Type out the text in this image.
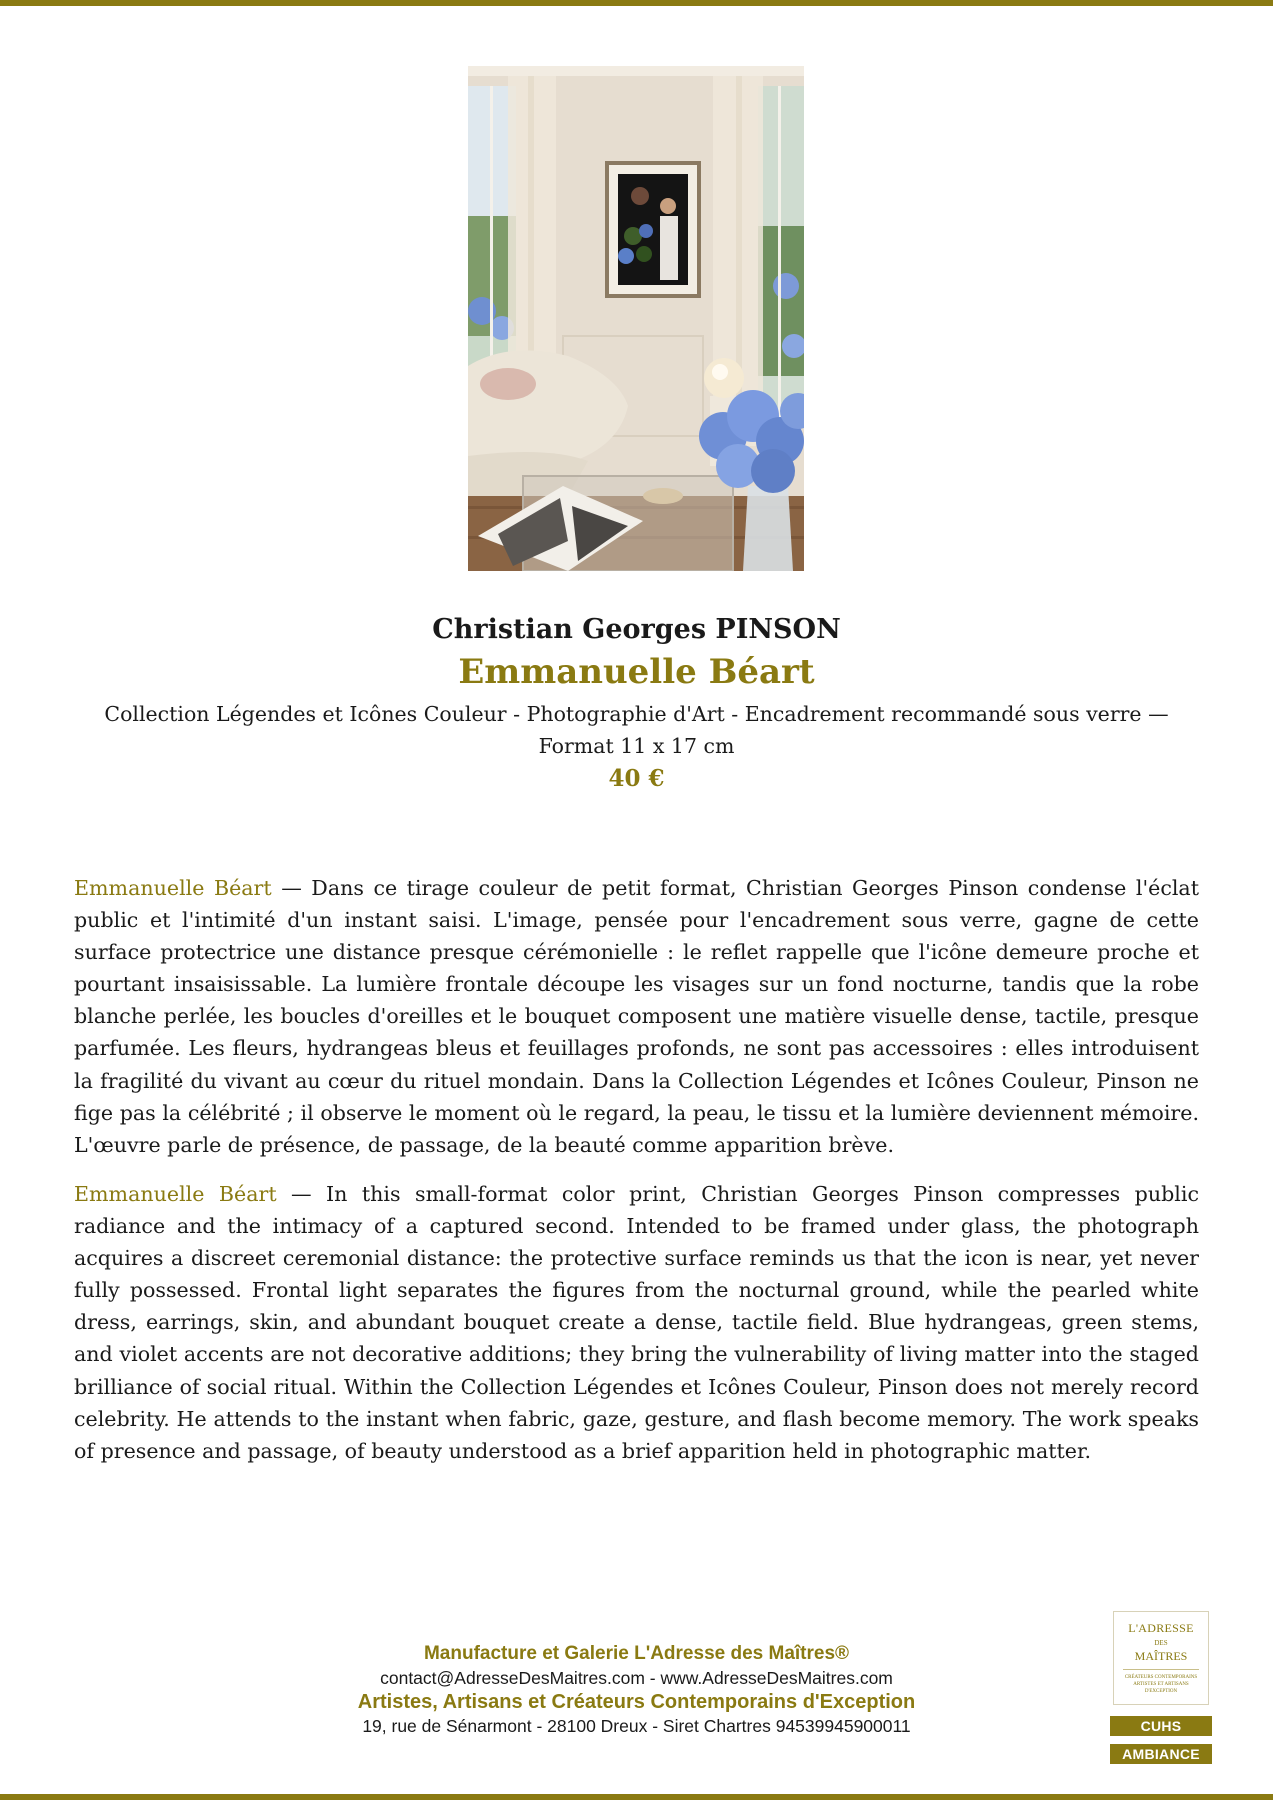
Christian Georges PINSON
Emmanuelle Béart
Collection Légendes et Icônes Couleur - Photographie d'Art - Encadrement recommandé sous verre — Format 11 x 17 cm
40 €

Emmanuelle Béart — Dans ce tirage couleur de petit format, Christian Georges Pinson condense l'éclat public et l'intimité d'un instant saisi. L'image, pensée pour l'encadrement sous verre, gagne de cette surface protectrice une distance presque cérémonielle : le reflet rappelle que l'icône demeure proche et pourtant insaisissable. La lumière frontale découpe les visages sur un fond nocturne, tandis que la robe blanche perlée, les boucles d'oreilles et le bouquet composent une matière visuelle dense, tactile, presque parfumée. Les fleurs, hydrangeas bleus et feuillages profonds, ne sont pas accessoires : elles introduisent la fragilité du vivant au cœur du rituel mondain. Dans la Collection Légendes et Icônes Couleur, Pinson ne fige pas la célébrité ; il observe le moment où le regard, la peau, le tissu et la lumière deviennent mémoire. L'œuvre parle de présence, de passage, de la beauté comme apparition brève.

Emmanuelle Béart — In this small-format color print, Christian Georges Pinson compresses public radiance and the intimacy of a captured second. Intended to be framed under glass, the photograph acquires a discreet ceremonial distance: the protective surface reminds us that the icon is near, yet never fully possessed. Frontal light separates the figures from the nocturnal ground, while the pearled white dress, earrings, skin, and abundant bouquet create a dense, tactile field. Blue hydrangeas, green stems, and violet accents are not decorative additions; they bring the vulnerability of living matter into the staged brilliance of social ritual. Within the Collection Légendes et Icônes Couleur, Pinson does not merely record celebrity. He attends to the instant when fabric, gaze, gesture, and flash become memory. The work speaks of presence and passage, of beauty understood as a brief apparition held in photographic matter.

Manufacture et Galerie L'Adresse des Maîtres®
contact@AdresseDesMaitres.com - www.AdresseDesMaitres.com
Artistes, Artisans et Créateurs Contemporains d'Exception
19, rue de Sénarmont - 28100 Dreux - Siret Chartres 94539945900011
L'ADRESSE
DES
MAÎTRES
CRÉATEURS CONTEMPORAINS ARTISTES ET ARTISANS D'EXCEPTION
CUHS
AMBIANCE
